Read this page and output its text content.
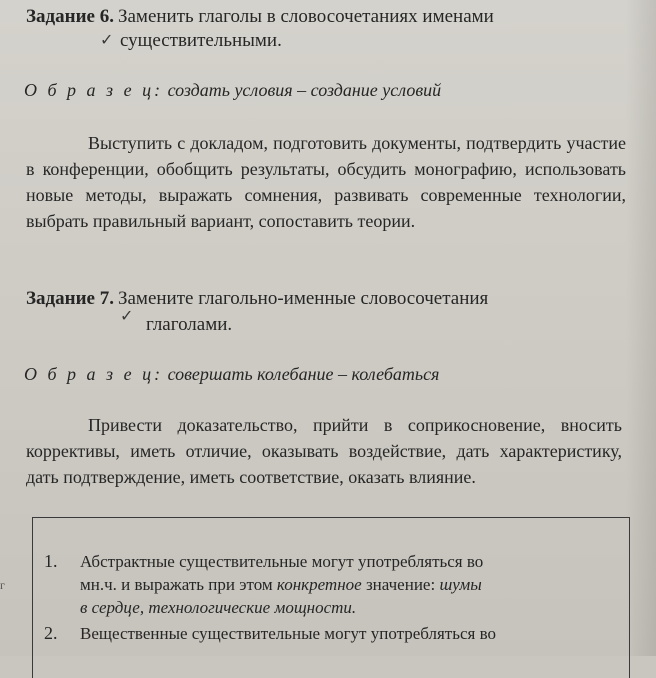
Задание 6. Заменить глаголы в словосочетаниях именами
✓ существительными.
О б р а з е ц: создать условия – создание условий
Выступить с докладом, подготовить документы, подтвердить участие в конференции, обобщить результаты, обсудить монографию, использовать новые методы, выражать сомнения, развивать современные технологии, выбрать правильный вариант, сопоставить теории.
Задание 7. Замените глагольно-именные словосочетания
✓ глаголами.
О б р а з е ц: совершать колебание – колебаться
Привести доказательство, прийти в соприкосновение, вносить коррективы, иметь отличие, оказывать воздействие, дать характеристику, дать подтверждение, иметь соответствие, оказать влияние.
1. Абстрактные существительные могут употребляться во
мн.ч. и выражать при этом конкретное значение: шумы
в сердце, технологические мощности.
2. Вещественные существительные могут употребляться во
г
